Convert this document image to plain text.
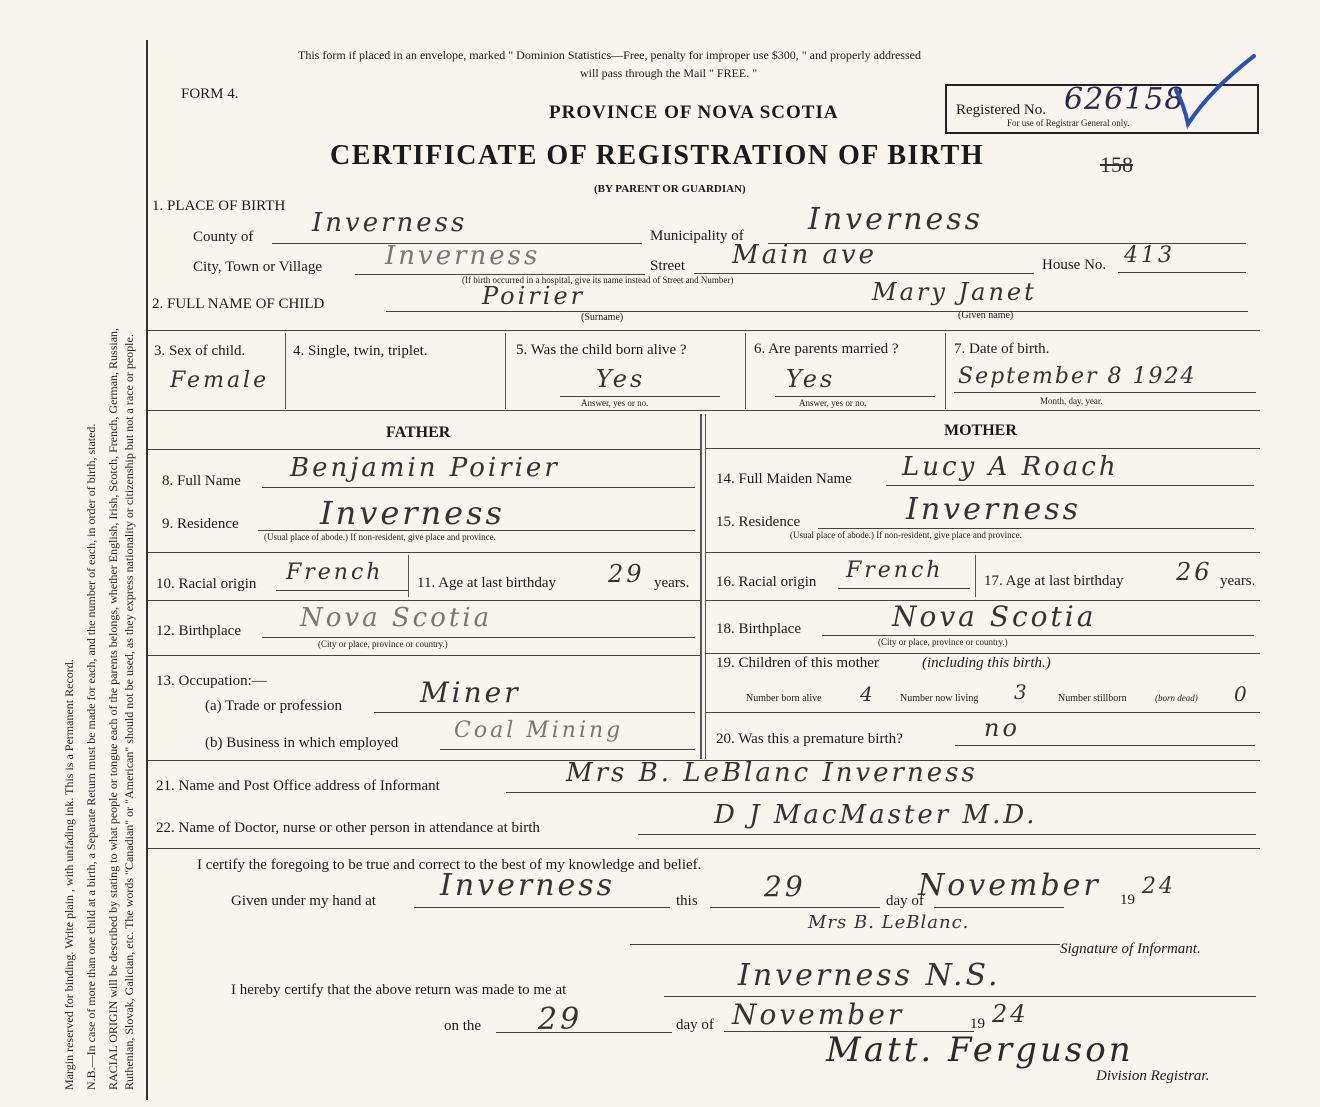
Margin reserved for binding. Write plain , with unfading ink. This is a Permanent Record. N.B.—In case of more than one child at a birth, a Separate Return must be made for each, and the number of each, in order of birth, stated. RACIAL ORIGIN will be described by stating to what people or tongue each of the parents belongs, whether English, Irish, Scotch, French, German, Russian, Ruthenian, Slovak, Galician, etc. The words "Canadian" or "American" should not be used, as they express nationality or citizenship but not a race or people.
This form if placed in an envelope, marked " Dominion Statistics—Free, penalty for improper use $300, " and properly addressed
will pass through the Mail " FREE. "
FORM 4.
PROVINCE OF NOVA SCOTIA
CERTIFICATE OF REGISTRATION OF BIRTH
(BY PARENT OR GUARDIAN)
Registered No. 626158
For use of Registrar General only.
158
1. PLACE OF BIRTH
County of Inverness	Municipality of Inverness
City, Town or Village Inverness	Street Main ave	House No. 413
(If birth occurred in a hospital, give its name instead of Street and Number)
2. FULL NAME OF CHILD	Poirier	Mary Janet
(Surname)	(Given name)
3. Sex of child.
Female
4. Single, twin, triplet.	5. Was the child born alive ?
Yes
Answer, yes or no.
6. Are parents married ?
Yes
Answer, yes or no.
7. Date of birth.
September 8 1924
Month, day, year.
FATHER	MOTHER
8. Full Name Benjamin Poirier
9. Residence	Inverness
(Usual place of abode.) If non-resident, give place and province.
10. Racial origin French 11. Age at last birthday 29 years.
12. Birthplace Nova Scotia
(City or place, province or country.)
13. Occupation:—
(a) Trade or profession	Miner
(b) Business in which employed	Coal Mining
14. Full Maiden Name Lucy A Roach
15. Residence	Inverness
(Usual place of abode.) If non-resident, give place and province.
16. Racial origin French	17. Age at last birthday 26 years.
18. Birthplace	Nova Scotia
(City or place, province or country.)
19. Children of this mother	(including this birth.)
Number born alive 4 Number now living 3	Number stillborn	(born dead) 0
20. Was this a premature birth?	no
21. Name and Post Office address of Informant	Mrs B. LeBlanc Inverness
22. Name of Doctor, nurse or other person in attendance at birth	D J MacMaster M.D.
I certify the foregoing to be true and correct to the best of my knowledge and belief.
Given under my hand at Inverness	this 29	day of
November 19
24
Mrs B. LeBlanc.
Signature of Informant.
I hereby certify that the above return was made to me at	Inverness N.S.
on the 29	day of November	19 24
Matt. Ferguson
Division Registrar.
